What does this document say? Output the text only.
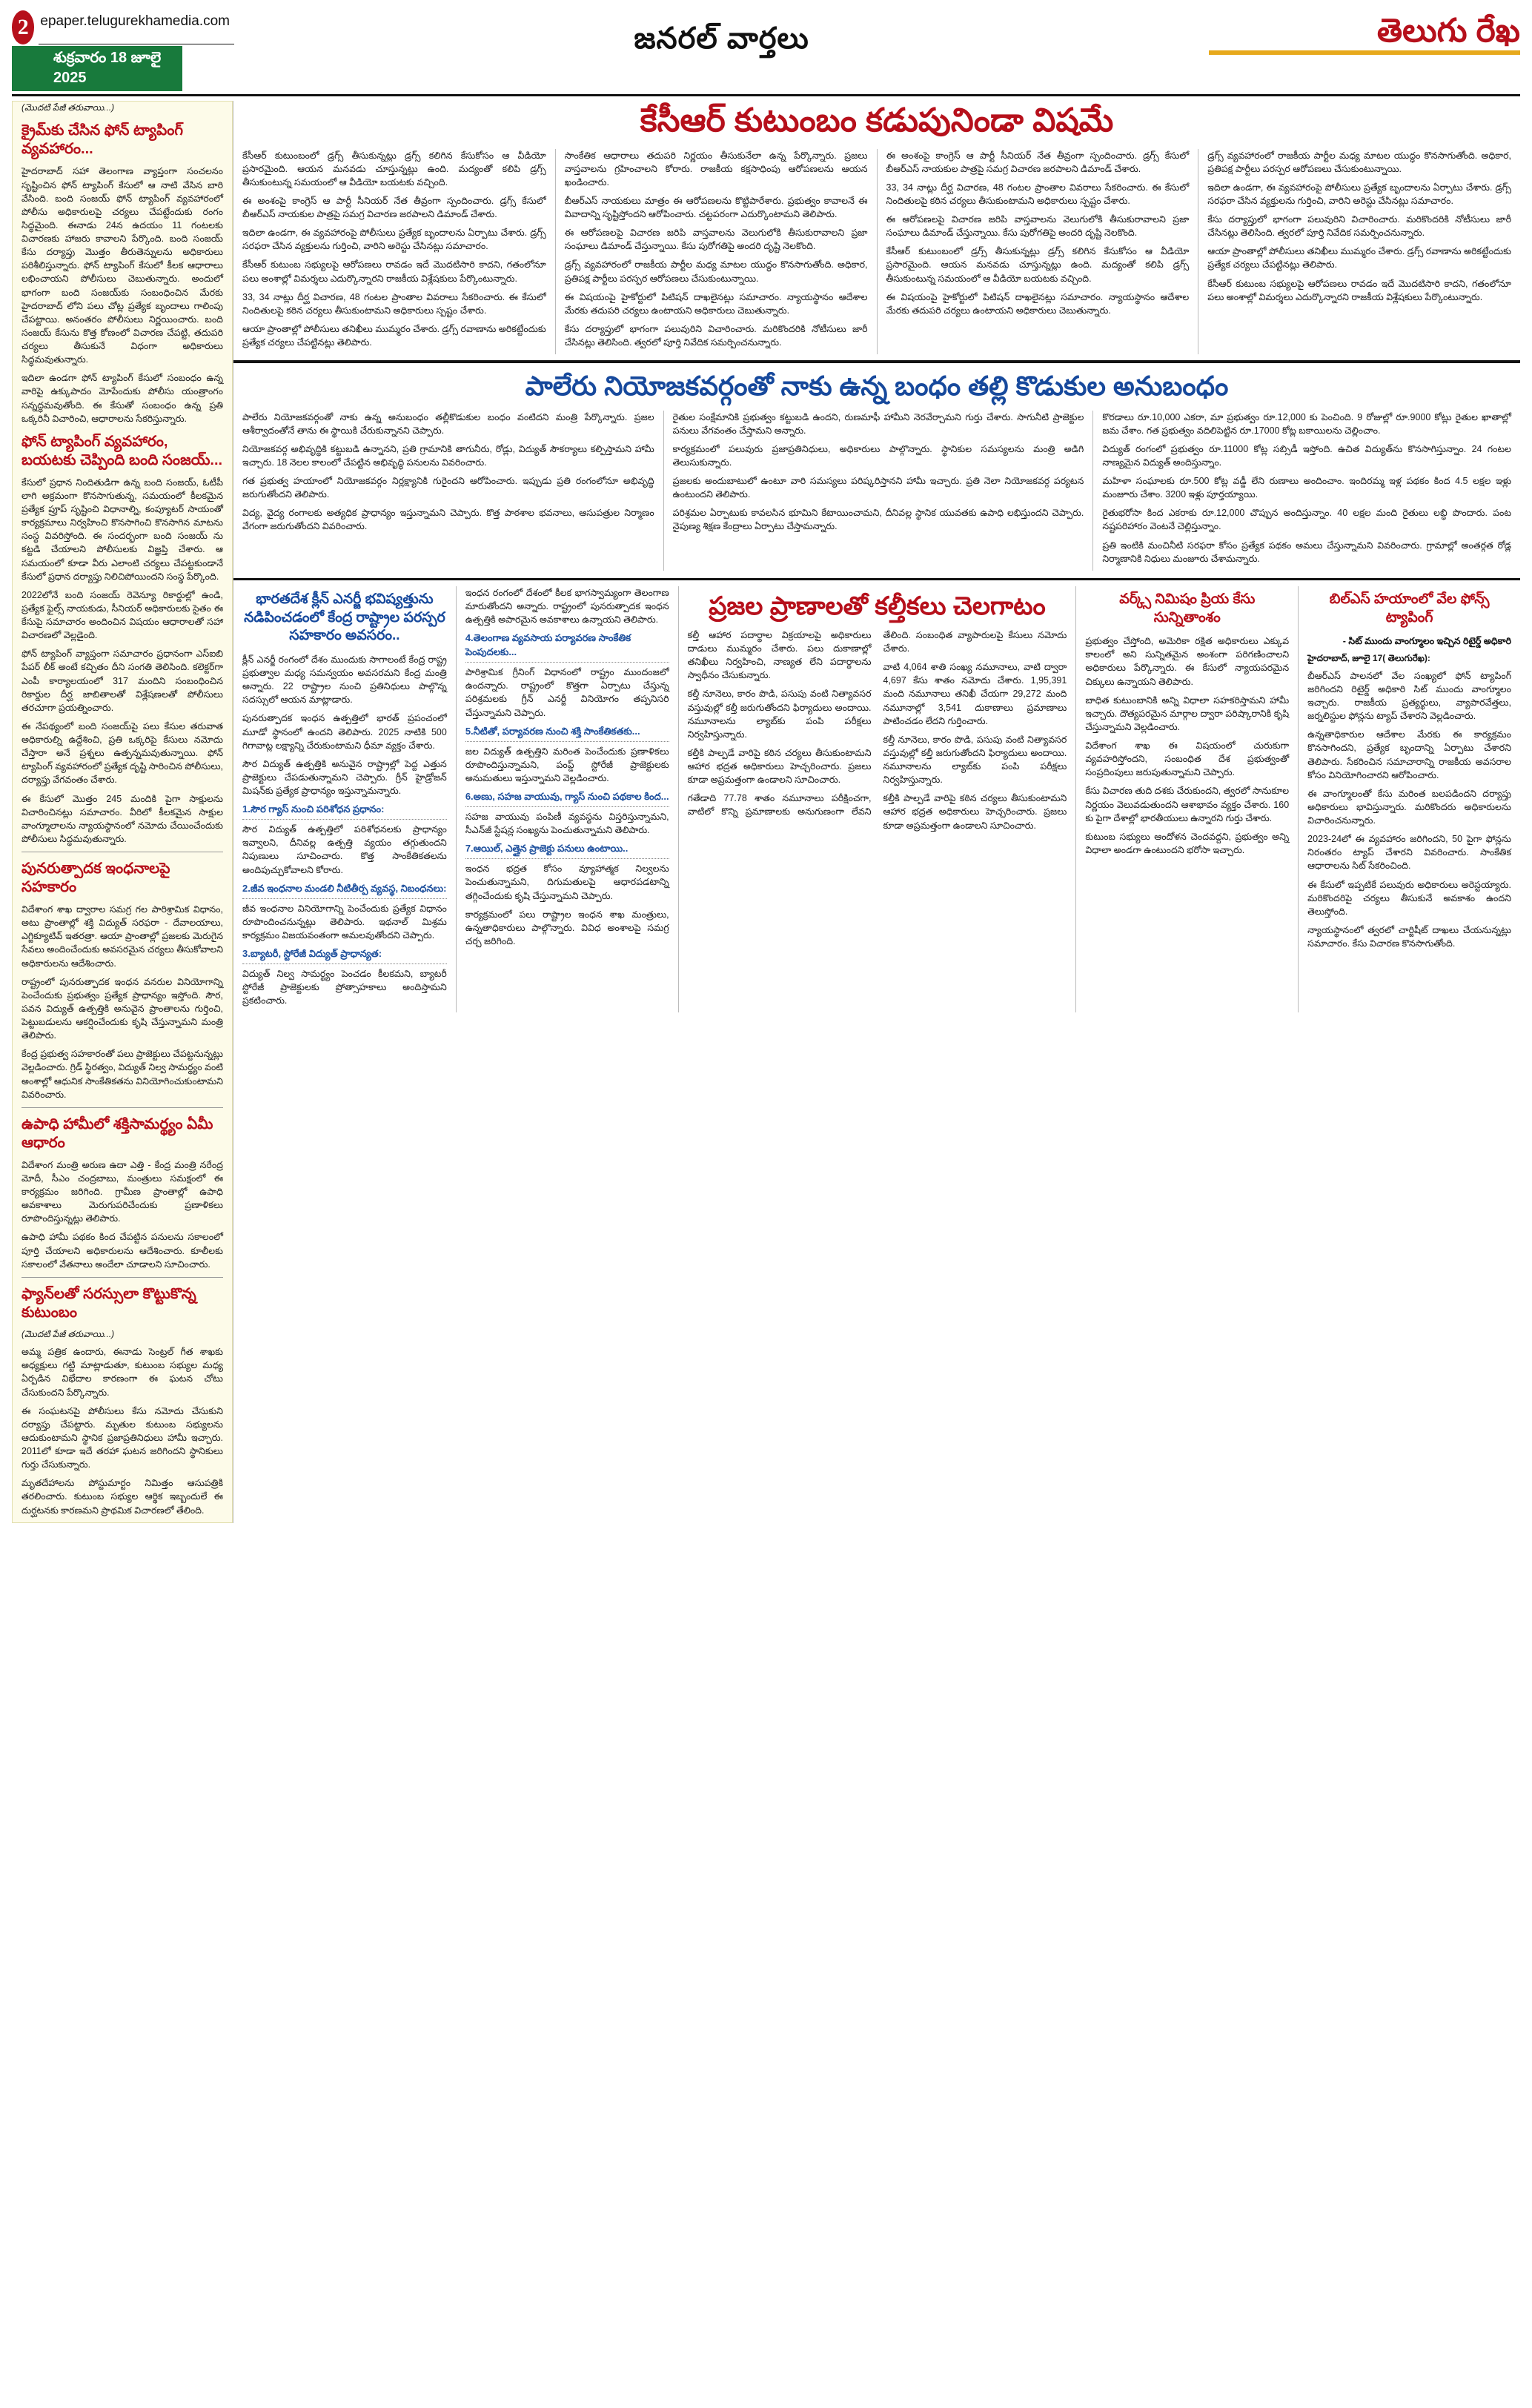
2 epaper.telugurekhamedia.com
శుక్రవారం 18 జూలై 2025
జనరల్ వార్తలు	తెలుగు రేఖ

(మొదటి పేజీ తరువాయి...)

క్రైమ్‌కు చేసిన ఫోన్ ట్యాపింగ్ వ్యవహారం...

హైదరాబాద్ సహా తెలంగాణ వ్యాప్తంగా సంచలనం సృష్టించిన ఫోన్ ట్యాపింగ్ కేసులో ఆ నాటి వేసిన బారి వేసింది. బంది సంజయ్ ఫోన్ ట్యాపింగ్ వ్యవహారంలో పోలీసు అధికారులపై చర్యలు చేపట్టేందుకు రంగం సిద్ధమైంది. ఈనాడు 24న ఉదయం 11 గంటలకు విచారణకు హాజరు కావాలని పేర్కొంది. బంది సంజయ్ కేసు దర్యాప్తు మొత్తం తీరుతెన్నులను అధికారులు పరిశీలిస్తున్నారు. ఫోన్ ట్యాపింగ్ కేసులో కీలక ఆధారాలు లభించాయని పోలీసులు చెబుతున్నారు. అందులో భాగంగా బంది సంజయ్‌కు సంబంధించిన మేరకు హైదరాబాద్ లోని పలు చోట్ల ప్రత్యేక బృందాలు గాలింపు చేపట్టాయి. అనంతరం పోలీసులు నిర్ణయించారు. బంది సంజయ్ కేసును కొత్త కోణంలో విచారణ చేపట్టి, తదుపరి చర్యలు తీసుకునే విధంగా అధికారులు సిద్ధమవుతున్నారు.

ఇదిలా ఉండగా ఫోన్ ట్యాపింగ్ కేసులో సంబంధం ఉన్న వారిపై ఉక్కుపాదం మోపేందుకు పోలీసు యంత్రాంగం సన్నద్ధమవుతోంది. ఈ కేసుతో సంబంధం ఉన్న ప్రతి ఒక్కరినీ విచారించి, ఆధారాలను సేకరిస్తున్నారు.

ఫోన్ ట్యాపింగ్ వ్యవహారం, బయటకు చెప్పింది బంది సంజయ్...

కేసులో ప్రధాన నిందితుడిగా ఉన్న బంది సంజయ్, ఓటీపీ లాగి అక్రమంగా కొనసాగుతున్న, సమయంలో కీలకమైన ప్రత్యేక ప్రూప్ సృష్టించి విధానాల్ని, కంప్యూటర్ సాయంతో కార్యక్రమాలు నిర్వహించి కొనసాగించి కొనసాగిన మాటను సంస్థ వివరిస్తోంది. ఈ సందర్భంగా బంది సంజయ్ ను కట్టడి చేయాలని పోలీసులకు విజ్ఞప్తి చేశారు. ఆ సమయంలో కూడా వీరు ఎలాంటి చర్యలు చేపట్టకుండానే కేసులో ప్రధాన దర్యాప్తు నిలిచిపోయిందని సంస్థ పేర్కొంది.

2022లోనే బంది సంజయ్ రెవెన్యూ రికార్డుల్లో ఉండి, ప్రత్యేక ఫైల్స్ నాయకుడు, సీనియర్ అధికారులకు సైతం ఈ కేసుపై సమాచారం అందించిన విషయం ఆధారాలతో సహా విచారణలో వెల్లడైంది.

ఫోన్ ట్యాపింగ్ వ్యాప్తంగా సమాచారం ప్రధానంగా ఎస్‌ఐబి పేపర్ లీక్ అంటే కచ్చితం దీని సంగతి తెలిసింది. కలెక్టర్‌గా ఎంపీ కార్యాలయంలో 317 మందిని సంబంధించిన రికార్డుల దీర్ఘ జాబితాలతో విశ్లేషణలతో పోలీసులు తరచూగా ప్రయత్నించారు.

ఈ నేపథ్యంలో బంది సంజయ్‌పై పలు కేసుల తరువాత అధికారుల్ని ఉద్దేశించి, ప్రతి ఒక్కరిపై కేసులు నమోదు చేస్తారా అనే ప్రశ్నలు ఉత్పన్నమవుతున్నాయి. ఫోన్ ట్యాపింగ్ వ్యవహారంలో ప్రత్యేక దృష్టి సారించిన పోలీసులు, దర్యాప్తు వేగవంతం చేశారు.

ఈ కేసులో మొత్తం 245 మందికి పైగా సాక్షులను విచారించినట్లు సమాచారం. వీరిలో కీలకమైన సాక్షుల వాంగ్మూలాలను న్యాయస్థానంలో నమోదు చేయించేందుకు పోలీసులు సిద్ధమవుతున్నారు.

పునరుత్పాదక ఇంధనాలపై సహకారం

విదేశాంగ శాఖ ద్వారాల సమగ్ర గల పారిశ్రామిక విధానం, అటు ప్రాంతాల్లో శక్తి విద్యుత్ సరఫరా - దేవాలయాలు, ఎగ్జిక్యూటివ్ ఇతరత్రా. ఆయా ప్రాంతాల్లో ప్రజలకు మెరుగైన సేవలు అందించేందుకు అవసరమైన చర్యలు తీసుకోవాలని అధికారులను ఆదేశించారు.

రాష్ట్రంలో పునరుత్పాదక ఇంధన వనరుల వినియోగాన్ని పెంచేందుకు ప్రభుత్వం ప్రత్యేక ప్రాధాన్యం ఇస్తోంది. సౌర, పవన విద్యుత్ ఉత్పత్తికి అనువైన ప్రాంతాలను గుర్తించి, పెట్టుబడులను ఆకర్షించేందుకు కృషి చేస్తున్నామని మంత్రి తెలిపారు.

కేంద్ర ప్రభుత్వ సహకారంతో పలు ప్రాజెక్టులు చేపట్టనున్నట్లు వెల్లడించారు. గ్రిడ్ స్థిరత్వం, విద్యుత్ నిల్వ సామర్థ్యం వంటి అంశాల్లో ఆధునిక సాంకేతికతను వినియోగించుకుంటామని వివరించారు.

ఉపాధి హామీలో శక్తిసామర్థ్యం ఏమీ ఆధారం

విదేశాంగ మంత్రి అరుణ ఉదా ఎత్తి - కేంద్ర మంత్రి నరేంద్ర మోదీ, సీఎం చంద్రబాబు, మంత్రులు సమక్షంలో ఈ కార్యక్రమం జరిగింది. గ్రామీణ ప్రాంతాల్లో ఉపాధి అవకాశాలు మెరుగుపరిచేందుకు ప్రణాళికలు రూపొందిస్తున్నట్లు తెలిపారు.

ఉపాధి హామీ పథకం కింద చేపట్టిన పనులను సకాలంలో పూర్తి చేయాలని అధికారులను ఆదేశించారు. కూలీలకు సకాలంలో వేతనాలు అందేలా చూడాలని సూచించారు.

ఫ్యాన్‌లతో సరస్సులా కొట్టుకొన్న కుటుంబం

(మొదటి పేజీ తరువాయి...)

అమ్మ పత్రిక ఉందారు, ఈనాడు సెంట్రల్ గీత శాఖకు అధ్యక్షులు గట్టి మాట్లాడుతూ, కుటుంబ సభ్యుల మధ్య ఏర్పడిన విభేదాల కారణంగా ఈ ఘటన చోటు చేసుకుందని పేర్కొన్నారు.

ఈ సంఘటనపై పోలీసులు కేసు నమోదు చేసుకుని దర్యాప్తు చేపట్టారు. మృతుల కుటుంబ సభ్యులను ఆదుకుంటామని స్థానిక ప్రజాప్రతినిధులు హామీ ఇచ్చారు. 2011లో కూడా ఇదే తరహా ఘటన జరిగిందని స్థానికులు గుర్తు చేసుకున్నారు.

మృతదేహాలను పోస్టుమార్టం నిమిత్తం ఆసుపత్రికి తరలించారు. కుటుంబ సభ్యుల ఆర్థిక ఇబ్బందులే ఈ దుర్ఘటనకు కారణమని ప్రాథమిక విచారణలో తేలింది.

కేసీఆర్ కుటుంబం కడుపునిండా విషమే

కేసీఆర్ కుటుంబంలో డ్రగ్స్ తీసుకున్నట్లు డ్రగ్స్ కలిగిన కేసుకోసం ఆ వీడియో ప్రసారమైంది. ఆయన మనవడు చూస్తున్నట్లు ఉంది. మద్యంతో కలిపి డ్రగ్స్ తీసుకుంటున్న సమయంలో ఆ వీడియో బయటకు వచ్చింది.

ఈ అంశంపై కాంగ్రెస్ ఆ పార్టీ సీనియర్ నేత తీవ్రంగా స్పందించారు. డ్రగ్స్ కేసులో బీఆర్ఎస్ నాయకుల పాత్రపై సమగ్ర విచారణ జరపాలని డిమాండ్ చేశారు.

ఇదిలా ఉండగా, ఈ వ్యవహారంపై పోలీసులు ప్రత్యేక బృందాలను ఏర్పాటు చేశారు. డ్రగ్స్ సరఫరా చేసిన వ్యక్తులను గుర్తించి, వారిని అరెస్టు చేసినట్లు సమాచారం.

కేసీఆర్ కుటుంబ సభ్యులపై ఆరోపణలు రావడం ఇదే మొదటిసారి కాదని, గతంలోనూ పలు అంశాల్లో విమర్శలు ఎదుర్కొన్నారని రాజకీయ విశ్లేషకులు పేర్కొంటున్నారు.

33, 34 నాట్లు దీర్ఘ విచారణ, 48 గంటల ప్రాంతాల వివరాలు సేకరించారు. ఈ కేసులో నిందితులపై కఠిన చర్యలు తీసుకుంటామని అధికారులు స్పష్టం చేశారు.

ఆయా ప్రాంతాల్లో పోలీసులు తనిఖీలు ముమ్మరం చేశారు. డ్రగ్స్ రవాణాను అరికట్టేందుకు ప్రత్యేక చర్యలు చేపట్టినట్లు తెలిపారు.

సాంకేతిక ఆధారాలు తదుపరి నిర్ణయం తీసుకునేలా ఉన్న పేర్కొన్నారు. ప్రజలు వాస్తవాలను గ్రహించాలని కోరారు. రాజకీయ కక్షసాధింపు ఆరోపణలను ఆయన ఖండించారు.

బీఆర్ఎస్ నాయకులు మాత్రం ఈ ఆరోపణలను కొట్టిపారేశారు. ప్రభుత్వం కావాలనే ఈ వివాదాన్ని సృష్టిస్తోందని ఆరోపించారు. చట్టపరంగా ఎదుర్కొంటామని తెలిపారు.

ఈ ఆరోపణలపై విచారణ జరిపి వాస్తవాలను వెలుగులోకి తీసుకురావాలని ప్రజా సంఘాలు డిమాండ్ చేస్తున్నాయి. కేసు పురోగతిపై అందరి దృష్టి నెలకొంది.

డ్రగ్స్ వ్యవహారంలో రాజకీయ పార్టీల మధ్య మాటల యుద్ధం కొనసాగుతోంది. అధికార, ప్రతిపక్ష పార్టీలు పరస్పర ఆరోపణలు చేసుకుంటున్నాయి.

ఈ విషయంపై హైకోర్టులో పిటిషన్ దాఖలైనట్లు సమాచారం. న్యాయస్థానం ఆదేశాల మేరకు తదుపరి చర్యలు ఉంటాయని అధికారులు చెబుతున్నారు.

కేసు దర్యాప్తులో భాగంగా పలువురిని విచారించారు. మరికొందరికి నోటీసులు జారీ చేసినట్లు తెలిసింది. త్వరలో పూర్తి నివేదిక సమర్పించనున్నారు.

ఈ అంశంపై కాంగ్రెస్ ఆ పార్టీ సీనియర్ నేత తీవ్రంగా స్పందించారు. డ్రగ్స్ కేసులో బీఆర్ఎస్ నాయకుల పాత్రపై సమగ్ర విచారణ జరపాలని డిమాండ్ చేశారు.

33, 34 నాట్లు దీర్ఘ విచారణ, 48 గంటల ప్రాంతాల వివరాలు సేకరించారు. ఈ కేసులో నిందితులపై కఠిన చర్యలు తీసుకుంటామని అధికారులు స్పష్టం చేశారు.

ఈ ఆరోపణలపై విచారణ జరిపి వాస్తవాలను వెలుగులోకి తీసుకురావాలని ప్రజా సంఘాలు డిమాండ్ చేస్తున్నాయి. కేసు పురోగతిపై అందరి దృష్టి నెలకొంది.

కేసీఆర్ కుటుంబంలో డ్రగ్స్ తీసుకున్నట్లు డ్రగ్స్ కలిగిన కేసుకోసం ఆ వీడియో ప్రసారమైంది. ఆయన మనవడు చూస్తున్నట్లు ఉంది. మద్యంతో కలిపి డ్రగ్స్ తీసుకుంటున్న సమయంలో ఆ వీడియో బయటకు వచ్చింది.

ఈ విషయంపై హైకోర్టులో పిటిషన్ దాఖలైనట్లు సమాచారం. న్యాయస్థానం ఆదేశాల మేరకు తదుపరి చర్యలు ఉంటాయని అధికారులు చెబుతున్నారు.

డ్రగ్స్ వ్యవహారంలో రాజకీయ పార్టీల మధ్య మాటల యుద్ధం కొనసాగుతోంది. అధికార, ప్రతిపక్ష పార్టీలు పరస్పర ఆరోపణలు చేసుకుంటున్నాయి.

ఇదిలా ఉండగా, ఈ వ్యవహారంపై పోలీసులు ప్రత్యేక బృందాలను ఏర్పాటు చేశారు. డ్రగ్స్ సరఫరా చేసిన వ్యక్తులను గుర్తించి, వారిని అరెస్టు చేసినట్లు సమాచారం.

కేసు దర్యాప్తులో భాగంగా పలువురిని విచారించారు. మరికొందరికి నోటీసులు జారీ చేసినట్లు తెలిసింది. త్వరలో పూర్తి నివేదిక సమర్పించనున్నారు.

ఆయా ప్రాంతాల్లో పోలీసులు తనిఖీలు ముమ్మరం చేశారు. డ్రగ్స్ రవాణాను అరికట్టేందుకు ప్రత్యేక చర్యలు చేపట్టినట్లు తెలిపారు.

కేసీఆర్ కుటుంబ సభ్యులపై ఆరోపణలు రావడం ఇదే మొదటిసారి కాదని, గతంలోనూ పలు అంశాల్లో విమర్శలు ఎదుర్కొన్నారని రాజకీయ విశ్లేషకులు పేర్కొంటున్నారు.

పాలేరు నియోజకవర్గంతో నాకు ఉన్న బంధం తల్లి కొడుకుల అనుబంధం

పాలేరు నియోజకవర్గంతో నాకు ఉన్న అనుబంధం తల్లీకొడుకుల బంధం వంటిదని మంత్రి పేర్కొన్నారు. ప్రజల ఆశీర్వాదంతోనే తాను ఈ స్థాయికి చేరుకున్నానని చెప్పారు.

నియోజకవర్గ అభివృద్ధికి కట్టుబడి ఉన్నానని, ప్రతి గ్రామానికి తాగునీరు, రోడ్లు, విద్యుత్ సౌకర్యాలు కల్పిస్తామని హామీ ఇచ్చారు. 18 నెలల కాలంలో చేపట్టిన అభివృద్ధి పనులను వివరించారు.

గత ప్రభుత్వ హయాంలో నియోజకవర్గం నిర్లక్ష్యానికి గురైందని ఆరోపించారు. ఇప్పుడు ప్రతి రంగంలోనూ అభివృద్ధి జరుగుతోందని తెలిపారు.

విద్య, వైద్య రంగాలకు అత్యధిక ప్రాధాన్యం ఇస్తున్నామని చెప్పారు. కొత్త పాఠశాల భవనాలు, ఆసుపత్రుల నిర్మాణం వేగంగా జరుగుతోందని వివరించారు.

రైతుల సంక్షేమానికి ప్రభుత్వం కట్టుబడి ఉందని, రుణమాఫీ హామీని నెరవేర్చామని గుర్తు చేశారు. సాగునీటి ప్రాజెక్టుల పనులు వేగవంతం చేస్తామని అన్నారు.

కార్యక్రమంలో పలువురు ప్రజాప్రతినిధులు, అధికారులు పాల్గొన్నారు. స్థానికుల సమస్యలను మంత్రి అడిగి తెలుసుకున్నారు.

ప్రజలకు అందుబాటులో ఉంటూ వారి సమస్యలు పరిష్కరిస్తానని హామీ ఇచ్చారు. ప్రతి నెలా నియోజకవర్గ పర్యటన ఉంటుందని తెలిపారు.

పరిశ్రమల ఏర్పాటుకు కావలసిన భూమిని కేటాయించామని, దీనివల్ల స్థానిక యువతకు ఉపాధి లభిస్తుందని చెప్పారు. నైపుణ్య శిక్షణ కేంద్రాలు ఏర్పాటు చేస్తామన్నారు.

కొరడాలు రూ.10,000 ఎకరా, మా ప్రభుత్వం రూ.12,000 కు పెంచింది. 9 రోజుల్లో రూ.9000 కోట్లు రైతుల ఖాతాల్లో జమ చేశాం. గత ప్రభుత్వం వదిలిపెట్టిన రూ.17000 కోట్ల బకాయిలను చెల్లించాం.

విద్యుత్ రంగంలో ప్రభుత్వం రూ.11000 కోట్ల సబ్సిడీ ఇస్తోంది. ఉచిత విద్యుత్‌ను కొనసాగిస్తున్నాం. 24 గంటల నాణ్యమైన విద్యుత్ అందిస్తున్నాం.

మహిళా సంఘాలకు రూ.500 కోట్ల వడ్డీ లేని రుణాలు అందించాం. ఇందిరమ్మ ఇళ్ల పథకం కింద 4.5 లక్షల ఇళ్లు మంజూరు చేశాం. 3200 ఇళ్లు పూర్తయ్యాయి.

రైతుభరోసా కింద ఎకరాకు రూ.12,000 చొప్పున అందిస్తున్నాం. 40 లక్షల మంది రైతులు లబ్ధి పొందారు. పంట నష్టపరిహారం వెంటనే చెల్లిస్తున్నాం.

ప్రతి ఇంటికి మంచినీటి సరఫరా కోసం ప్రత్యేక పథకం అమలు చేస్తున్నామని వివరించారు. గ్రామాల్లో అంతర్గత రోడ్ల నిర్మాణానికి నిధులు మంజూరు చేశామన్నారు.

భారతదేశ క్లీన్ ఎనర్జీ భవిష్యత్తును నడిపించడంలో కేంద్ర రాష్ట్రాల పరస్పర సహకారం అవసరం..

క్లీన్ ఎనర్జీ రంగంలో దేశం ముందుకు సాగాలంటే కేంద్ర రాష్ట్ర ప్రభుత్వాల మధ్య సమన్వయం అవసరమని కేంద్ర మంత్రి అన్నారు. 22 రాష్ట్రాల నుంచి ప్రతినిధులు పాల్గొన్న సదస్సులో ఆయన మాట్లాడారు.

పునరుత్పాదక ఇంధన ఉత్పత్తిలో భారత్ ప్రపంచంలో మూడో స్థానంలో ఉందని తెలిపారు. 2025 నాటికి 500 గిగావాట్ల లక్ష్యాన్ని చేరుకుంటామని ధీమా వ్యక్తం చేశారు.

సౌర విద్యుత్ ఉత్పత్తికి అనువైన రాష్ట్రాల్లో పెద్ద ఎత్తున ప్రాజెక్టులు చేపడుతున్నామని చెప్పారు. గ్రీన్ హైడ్రోజన్ మిషన్‌కు ప్రత్యేక ప్రాధాన్యం ఇస్తున్నామన్నారు.

1.సౌర గ్యాస్ నుంచి పరిశోధన ప్రధానం:

సౌర విద్యుత్ ఉత్పత్తిలో పరిశోధనలకు ప్రాధాన్యం ఇవ్వాలని, దీనివల్ల ఉత్పత్తి వ్యయం తగ్గుతుందని నిపుణులు సూచించారు. కొత్త సాంకేతికతలను అందిపుచ్చుకోవాలని కోరారు.

2.జీవ ఇంధనాల మండలి నీటితీర్ప వ్యవస్థ, నిబంధనలు:

జీవ ఇంధనాల వినియోగాన్ని పెంచేందుకు ప్రత్యేక విధానం రూపొందించనున్నట్లు తెలిపారు. ఇథనాల్ మిశ్రమ కార్యక్రమం విజయవంతంగా అమలవుతోందని చెప్పారు.

3.బ్యాటరీ, స్టోరేజీ విద్యుత్ ప్రాధాన్యత:

విద్యుత్ నిల్వ సామర్థ్యం పెంచడం కీలకమని, బ్యాటరీ స్టోరేజీ ప్రాజెక్టులకు ప్రోత్సాహకాలు అందిస్తామని ప్రకటించారు.

ఇంధన రంగంలో దేశంలో కీలక భాగస్వామ్యంగా తెలంగాణ మారుతోందని అన్నారు. రాష్ట్రంలో పునరుత్పాదక ఇంధన ఉత్పత్తికి అపారమైన అవకాశాలు ఉన్నాయని తెలిపారు.

4.తెలంగాణ వ్యవసాయ పర్యావరణ సాంకేతిక పెంపుదలకు...

పారిశ్రామిక గ్రీనింగ్ విధానంలో రాష్ట్రం ముందంజలో ఉందన్నారు. రాష్ట్రంలో కొత్తగా ఏర్పాటు చేస్తున్న పరిశ్రమలకు గ్రీన్ ఎనర్జీ వినియోగం తప్పనిసరి చేస్తున్నామని చెప్పారు.

5.నీటితో, పర్యావరణ నుంచి శక్తి సాంకేతికతకు...

జల విద్యుత్ ఉత్పత్తిని మరింత పెంచేందుకు ప్రణాళికలు రూపొందిస్తున్నామని, పంప్డ్ స్టోరేజీ ప్రాజెక్టులకు అనుమతులు ఇస్తున్నామని వెల్లడించారు.

6.అణు, సహజ వాయువు, గ్యాస్ నుంచి పథకాల కింద...

సహజ వాయువు పంపిణీ వ్యవస్థను విస్తరిస్తున్నామని, సీఎన్‌జీ స్టేషన్ల సంఖ్యను పెంచుతున్నామని తెలిపారు.

7.ఆయిల్, ఎత్తైన ప్రాజెక్టు పనులు ఉంటాయి..

ఇంధన భద్రత కోసం వ్యూహాత్మక నిల్వలను పెంచుతున్నామని, దిగుమతులపై ఆధారపడటాన్ని తగ్గించేందుకు కృషి చేస్తున్నామని చెప్పారు.

కార్యక్రమంలో పలు రాష్ట్రాల ఇంధన శాఖ మంత్రులు, ఉన్నతాధికారులు పాల్గొన్నారు. వివిధ అంశాలపై సమగ్ర చర్చ జరిగింది.

ప్రజల ప్రాణాలతో కల్తీకలు చెలగాటం

కల్తీ ఆహార పదార్థాల విక్రయాలపై అధికారులు దాడులు ముమ్మరం చేశారు. పలు దుకాణాల్లో తనిఖీలు నిర్వహించి, నాణ్యత లేని పదార్థాలను స్వాధీనం చేసుకున్నారు.

కల్తీ నూనెలు, కారం పొడి, పసుపు వంటి నిత్యావసర వస్తువుల్లో కల్తీ జరుగుతోందని ఫిర్యాదులు అందాయి. నమూనాలను ల్యాబ్‌కు పంపి పరీక్షలు నిర్వహిస్తున్నారు.

కల్తీకి పాల్పడే వారిపై కఠిన చర్యలు తీసుకుంటామని ఆహార భద్రత అధికారులు హెచ్చరించారు. ప్రజలు కూడా అప్రమత్తంగా ఉండాలని సూచించారు.

గతేడాది 77.78 శాతం నమూనాలు పరీక్షించగా, వాటిలో కొన్ని ప్రమాణాలకు అనుగుణంగా లేవని తేలింది. సంబంధిత వ్యాపారులపై కేసులు నమోదు చేశారు.

వాటి 4,064 శాతి సంఖ్య నమూనాలు, వాటి ద్వారా 4,697 కేసు శాతం నమోదు చేశారు. 1,95,391 మంది నమూనాలు తనిఖీ చేయగా 29,272 మంది నమూనాల్లో 3,541 దుకాణాలు ప్రమాణాలు పాటించడం లేదని గుర్తించారు.

కల్తీ నూనెలు, కారం పొడి, పసుపు వంటి నిత్యావసర వస్తువుల్లో కల్తీ జరుగుతోందని ఫిర్యాదులు అందాయి. నమూనాలను ల్యాబ్‌కు పంపి పరీక్షలు నిర్వహిస్తున్నారు.

కల్తీకి పాల్పడే వారిపై కఠిన చర్యలు తీసుకుంటామని ఆహార భద్రత అధికారులు హెచ్చరించారు. ప్రజలు కూడా అప్రమత్తంగా ఉండాలని సూచించారు.

వర్క్స్ నిమిషం ప్రియ కేసు సున్నితాంశం

ప్రభుత్వం చేస్తోంది, అమెరికా రక్షిత అధికారులు ఎక్కువ కాలంలో అని సున్నితమైన అంశంగా పరిగణించాలని అధికారులు పేర్కొన్నారు. ఈ కేసులో న్యాయపరమైన చిక్కులు ఉన్నాయని తెలిపారు.

బాధిత కుటుంబానికి అన్ని విధాలా సహకరిస్తామని హామీ ఇచ్చారు. దౌత్యపరమైన మార్గాల ద్వారా పరిష్కారానికి కృషి చేస్తున్నామని వెల్లడించారు.

విదేశాంగ శాఖ ఈ విషయంలో చురుకుగా వ్యవహరిస్తోందని, సంబంధిత దేశ ప్రభుత్వంతో సంప్రదింపులు జరుపుతున్నామని చెప్పారు.

కేసు విచారణ తుది దశకు చేరుకుందని, త్వరలో సానుకూల నిర్ణయం వెలువడుతుందని ఆశాభావం వ్యక్తం చేశారు. 160 కు పైగా దేశాల్లో భారతీయులు ఉన్నారని గుర్తు చేశారు.

కుటుంబ సభ్యులు ఆందోళన చెందవద్దని, ప్రభుత్వం అన్ని విధాలా అండగా ఉంటుందని భరోసా ఇచ్చారు.

బిల్‌ఎస్ హయాంలో వేల ఫోన్స్ ట్యాపింగ్

- సిట్ ముందు వాంగ్మూలం ఇచ్చిన రిటైర్డ్ అధికారి

హైదరాబాద్, జూలై 17( తెలుగురేఖ):

బీఆర్ఎస్ పాలనలో వేల సంఖ్యలో ఫోన్ ట్యాపింగ్ జరిగిందని రిటైర్డ్ అధికారి సిట్ ముందు వాంగ్మూలం ఇచ్చారు. రాజకీయ ప్రత్యర్థులు, వ్యాపారవేత్తలు, జర్నలిస్టుల ఫోన్లను ట్యాప్ చేశారని వెల్లడించారు.

ఉన్నతాధికారుల ఆదేశాల మేరకు ఈ కార్యక్రమం కొనసాగిందని, ప్రత్యేక బృందాన్ని ఏర్పాటు చేశారని తెలిపారు. సేకరించిన సమాచారాన్ని రాజకీయ అవసరాల కోసం వినియోగించారని ఆరోపించారు.

ఈ వాంగ్మూలంతో కేసు మరింత బలపడిందని దర్యాప్తు అధికారులు భావిస్తున్నారు. మరికొందరు అధికారులను విచారించనున్నారు.

2023-24లో ఈ వ్యవహారం జరిగిందని, 50 పైగా ఫోన్లను నిరంతరం ట్యాప్ చేశారని వివరించారు. సాంకేతిక ఆధారాలను సిట్ సేకరించింది.

ఈ కేసులో ఇప్పటికే పలువురు అధికారులు అరెస్టయ్యారు. మరికొందరిపై చర్యలు తీసుకునే అవకాశం ఉందని తెలుస్తోంది.

న్యాయస్థానంలో త్వరలో చార్జిషీట్ దాఖలు చేయనున్నట్లు సమాచారం. కేసు విచారణ కొనసాగుతోంది.
